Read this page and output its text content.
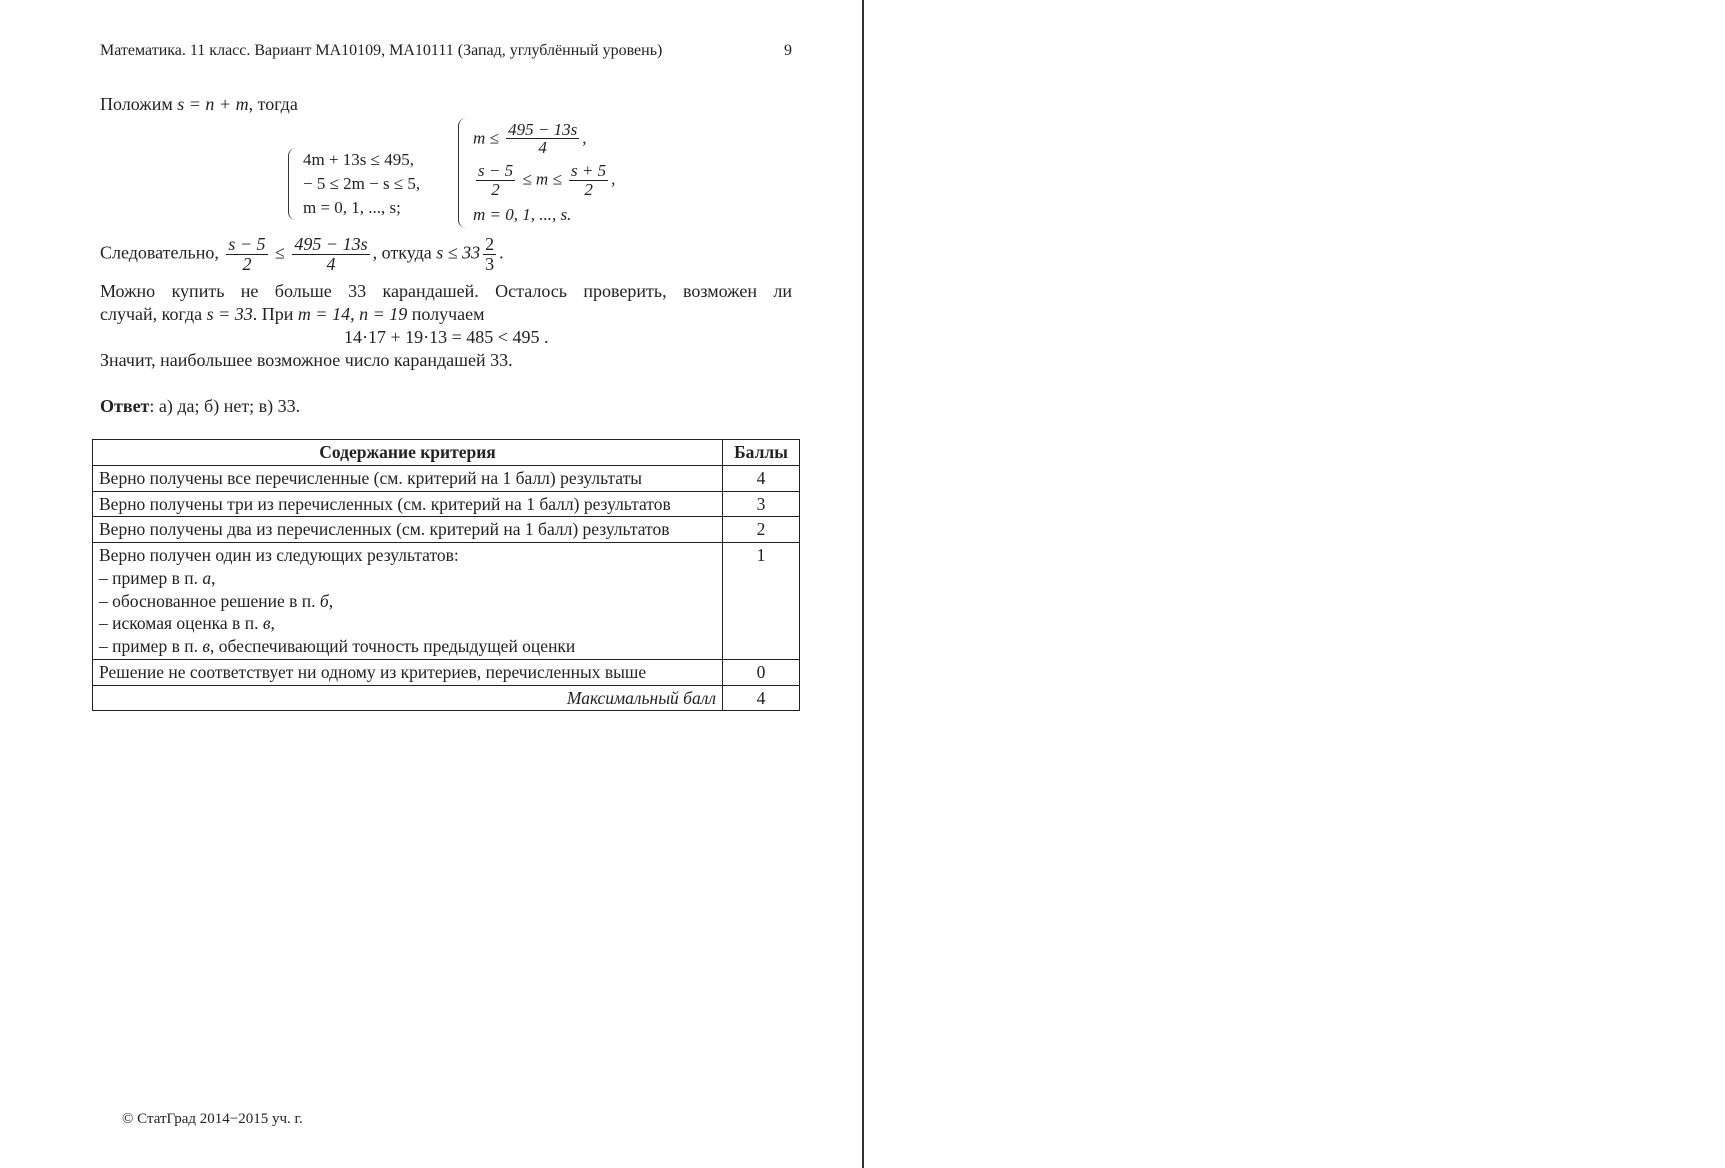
Математика. 11 класс. Вариант МА10109, МА10111 (Запад, углублённый уровень)	9
Положим s = n + m, тогда
4m + 13s ≤ 495,
− 5 ≤ 2m − s ≤ 5,
m = 0, 1, ..., s;
$m \le \frac{495 - 13s}{4}$ ,
$\frac{s - 5}{2} \le m \le \frac{s + 5}{2}$ ,
m = 0, 1, ..., s.
Следовательно, $\frac{s - 5}{2} \le \frac{495 - 13s}{4}$ , откуда $s \le 33 \frac{2}{3}$ .
Можно купить не больше 33 карандашей. Осталось проверить, возможен ли
случай, когда s = 33. При m = 14, n = 19 получаем
14·17 + 19·13 = 485 < 495 .
Значит, наибольшее возможное число карандашей 33.
Ответ: а) да; б) нет; в) 33.
Содержание критерия	Баллы
Верно получены все перечисленные (см. критерий на 1 балл) результаты	4
Верно получены три из перечисленных (см. критерий на 1 балл) результатов	3
Верно получены два из перечисленных (см. критерий на 1 балл) результатов	2

Верно получен один из следующих результатов:
– пример в п. а,
– обоснованное решение в п. б,
– искомая оценка в п. в,
– пример в п. в, обеспечивающий точность предыдущей оценки	1
Решение не соответствует ни одному из критериев, перечисленных выше	0
Максимальный балл	4
© СтатГрад 2014−2015 уч. г.
